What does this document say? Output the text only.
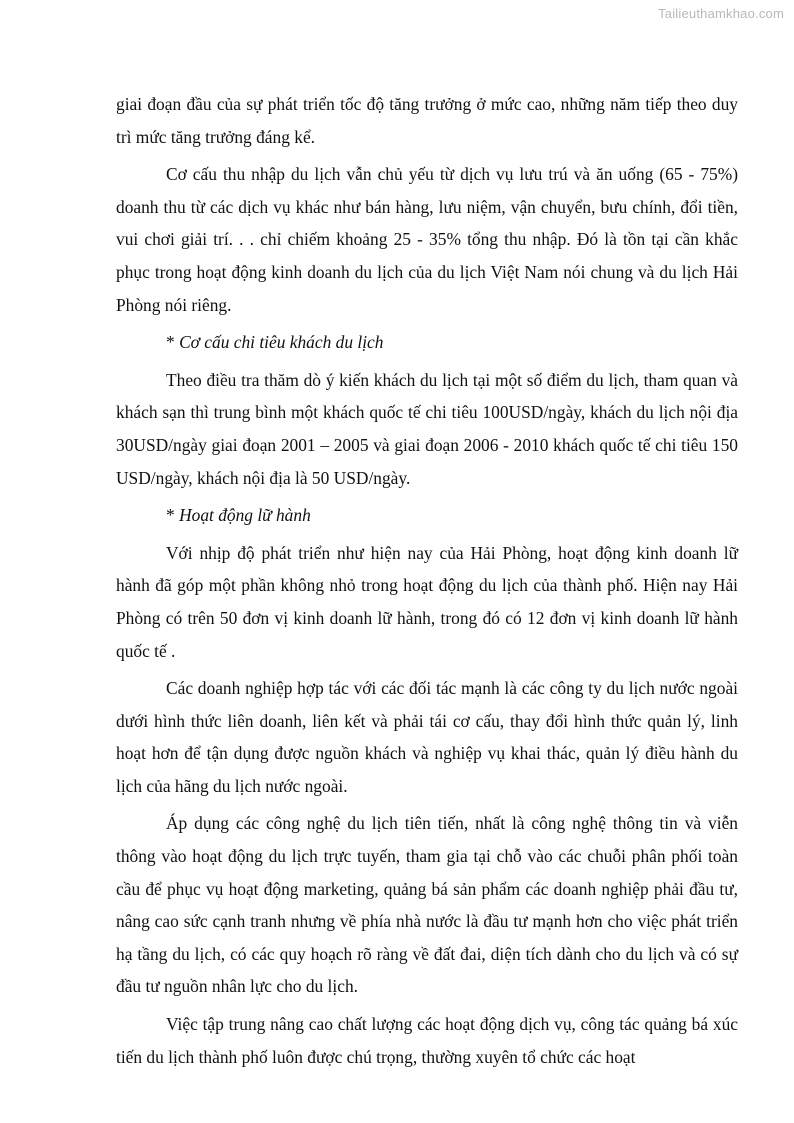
Tailieuthamkhao.com

giai đoạn đầu của sự phát triển tốc độ tăng trưởng ở mức cao, những năm tiếp theo duy trì mức tăng trưởng đáng kể.

Cơ cấu thu nhập du lịch vẫn chủ yếu từ dịch vụ lưu trú và ăn uống (65 - 75%) doanh thu từ các dịch vụ khác như bán hàng, lưu niệm, vận chuyển, bưu chính, đổi tiền, vui chơi giải trí. . . chỉ chiếm khoảng 25 - 35% tổng thu nhập. Đó là tồn tại cần khắc phục trong hoạt động kinh doanh du lịch của du lịch Việt Nam nói chung và du lịch Hải Phòng nói riêng.

* Cơ cấu chi tiêu khách du lịch

Theo điều tra thăm dò ý kiến khách du lịch tại một số điểm du lịch, tham quan và khách sạn thì trung bình một khách quốc tế chi tiêu 100USD/ngày, khách du lịch nội địa 30USD/ngày giai đoạn 2001 – 2005 và giai đoạn 2006 - 2010 khách quốc tế chi tiêu 150 USD/ngày, khách nội địa là 50 USD/ngày.

* Hoạt động lữ hành

Với nhịp độ phát triển như hiện nay của Hải Phòng, hoạt động kinh doanh lữ hành đã góp một phần không nhỏ trong hoạt động du lịch của thành phố. Hiện nay Hải Phòng có trên 50 đơn vị kinh doanh lữ hành, trong đó có 12 đơn vị kinh doanh lữ hành quốc tế .

Các doanh nghiệp hợp tác với các đối tác mạnh là các công ty du lịch nước ngoài dưới hình thức liên doanh, liên kết và phải tái cơ cấu, thay đổi hình thức quản lý, linh hoạt hơn để tận dụng được nguồn khách và nghiệp vụ khai thác, quản lý điều hành du lịch của hãng du lịch nước ngoài.

Áp dụng các công nghệ du lịch tiên tiến, nhất là công nghệ thông tin và viễn thông vào hoạt động du lịch trực tuyến, tham gia tại chỗ vào các chuỗi phân phối toàn cầu để phục vụ hoạt động marketing, quảng bá sản phẩm các doanh nghiệp phải đầu tư, nâng cao sức cạnh tranh nhưng về phía nhà nước là đầu tư mạnh hơn cho việc phát triển hạ tầng du lịch, có các quy hoạch rõ ràng về đất đai, diện tích dành cho du lịch và có sự đầu tư nguồn nhân lực cho du lịch.

Việc tập trung nâng cao chất lượng các hoạt động dịch vụ, công tác quảng bá xúc tiến du lịch thành phố luôn được chú trọng, thường xuyên tổ chức các hoạt
